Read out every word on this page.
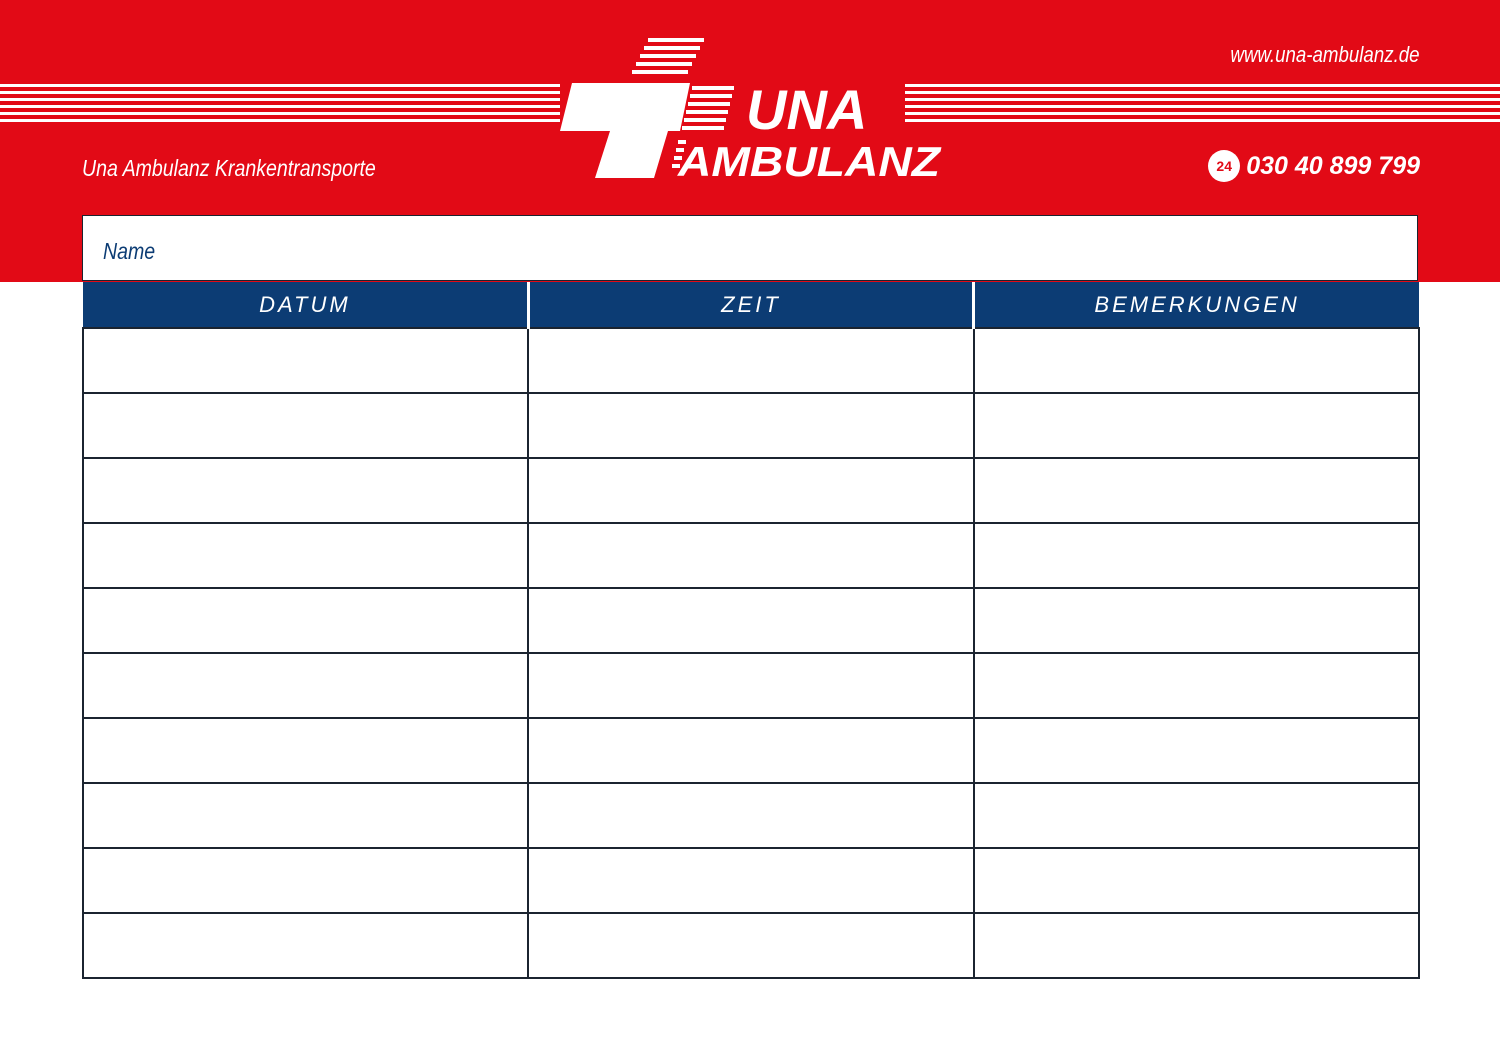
UNA
AMBULANZ
www.una-ambulanz.de
Una Ambulanz Krankentransporte	24 030 40 899 799
Name
DATUM	ZEIT	BEMERKUNGEN
